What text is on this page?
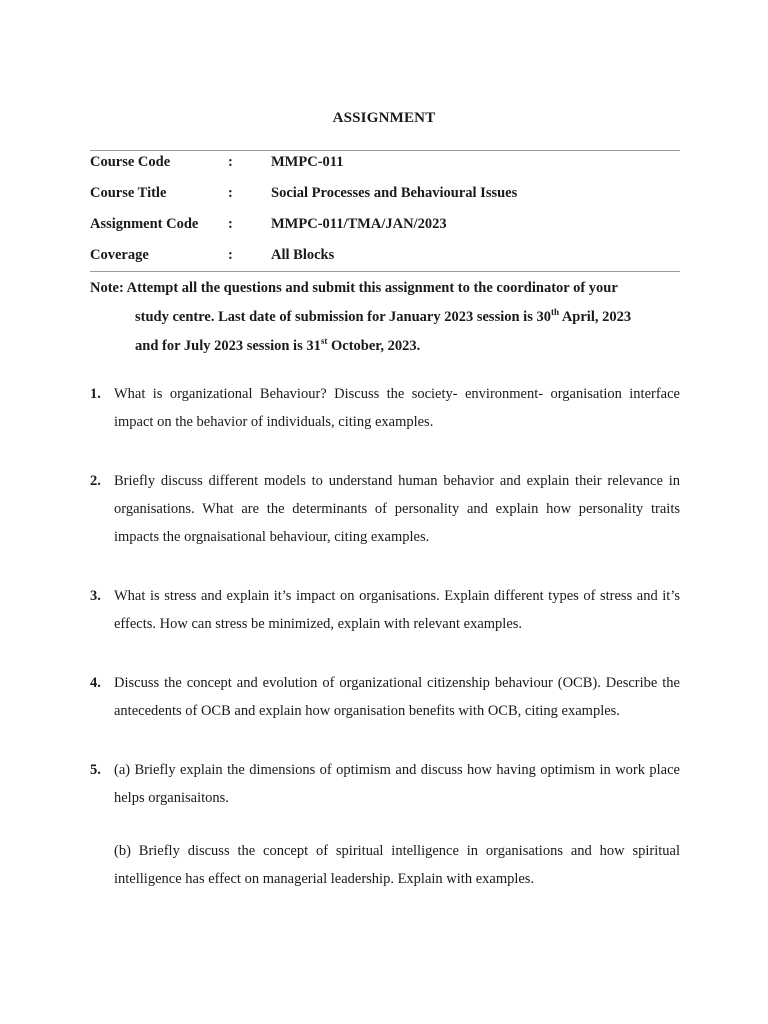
ASSIGNMENT
Course Code	:	MMPC-011
Course Title	:	Social Processes and Behavioural Issues
Assignment Code	:	MMPC-011/TMA/JAN/2023
Coverage	:	All Blocks
Note: Attempt all the questions and submit this assignment to the coordinator of your
study centre. Last date of submission for January 2023 session is 30th April, 2023
and for July 2023 session is 31st October, 2023.
1. What is organizational Behaviour? Discuss the society- environment- organisation interface impact on the behavior of individuals, citing examples.
2. Briefly discuss different models to understand human behavior and explain their relevance in organisations. What are the determinants of personality and explain how personality traits impacts the orgnaisational behaviour, citing examples.
3. What is stress and explain it’s impact on organisations. Explain different types of stress and it’s effects. How can stress be minimized, explain with relevant examples.
4. Discuss the concept and evolution of organizational citizenship behaviour (OCB). Describe the antecedents of OCB and explain how organisation benefits with OCB, citing examples.
5. (a) Briefly explain the dimensions of optimism and discuss how having optimism in work place helps organisaitons.
(b) Briefly discuss the concept of spiritual intelligence in organisations and how spiritual intelligence has effect on managerial leadership. Explain with examples.
